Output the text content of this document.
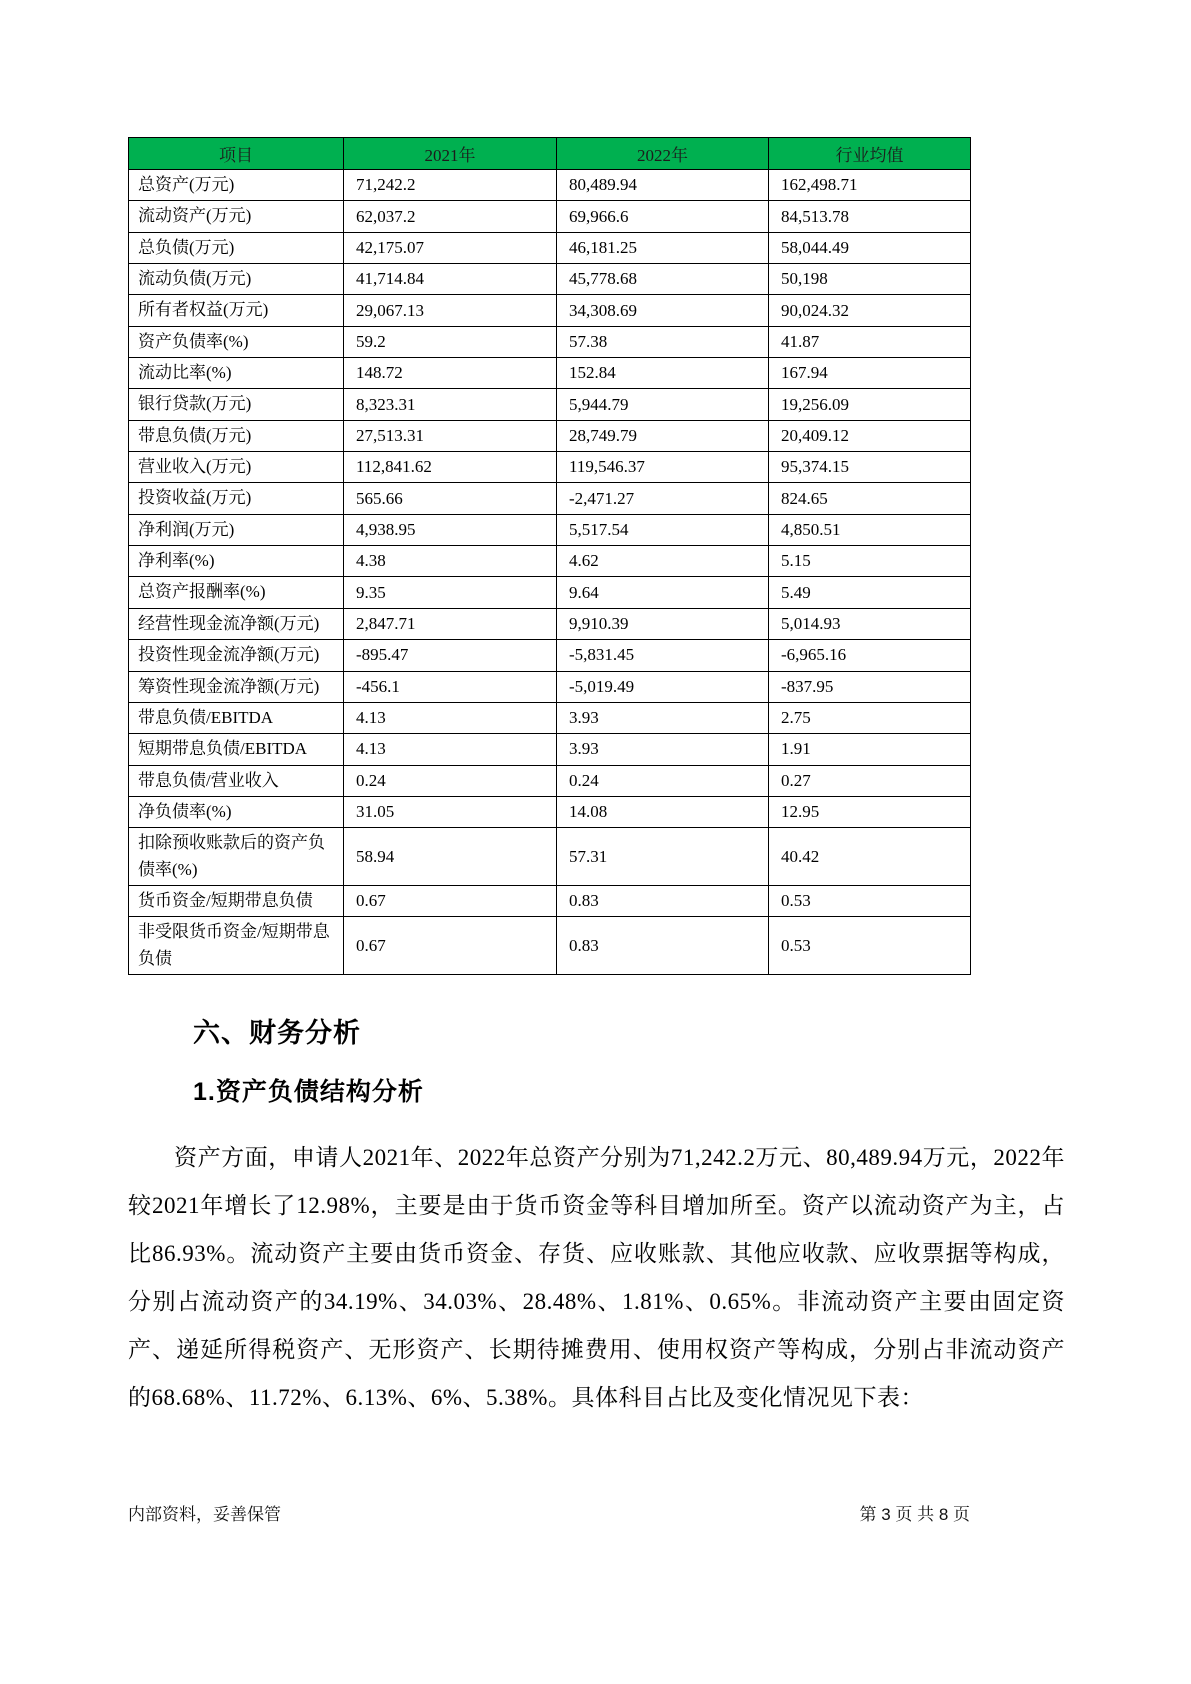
项目	2021年	2022年	行业均值
总资产(万元)	71,242.2	80,489.94	162,498.71
流动资产(万元)	62,037.2	69,966.6	84,513.78
总负债(万元)	42,175.07	46,181.25	58,044.49
流动负债(万元)	41,714.84	45,778.68	50,198
所有者权益(万元)	29,067.13	34,308.69	90,024.32
资产负债率(%)	59.2	57.38	41.87
流动比率(%)	148.72	152.84	167.94
银行贷款(万元)	8,323.31	5,944.79	19,256.09
带息负债(万元)	27,513.31	28,749.79	20,409.12
营业收入(万元)	112,841.62	119,546.37	95,374.15
投资收益(万元)	565.66	-2,471.27	824.65
净利润(万元)	4,938.95	5,517.54	4,850.51
净利率(%)	4.38	4.62	5.15
总资产报酬率(%)	9.35	9.64	5.49
经营性现金流净额(万元)	2,847.71	9,910.39	5,014.93
投资性现金流净额(万元)	-895.47	-5,831.45	-6,965.16
筹资性现金流净额(万元)	-456.1	-5,019.49	-837.95
带息负债/EBITDA	4.13	3.93	2.75
短期带息负债/EBITDA	4.13	3.93	1.91
带息负债/营业收入	0.24	0.24	0.27
净负债率(%)	31.05	14.08	12.95
扣除预收账款后的资产负债率(%)	58.94	57.31	40.42
货币资金/短期带息负债	0.67	0.83	0.53
非受限货币资金/短期带息负债	0.67	0.83	0.53
六、财务分析
1.资产负债结构分析

资产方面，申请人2021年、2022年总资产分别为71,242.2万元、80,489.94万元，2022年较2021年增长了12.98%，主要是由于货币资金等科目增加所至。资产以流动资产为主，占比86.93%。流动资产主要由货币资金、存货、应收账款、其他应收款、应收票据等构成，分别占流动资产的34.19%、34.03%、28.48%、1.81%、0.65%。非流动资产主要由固定资产、递延所得税资产、无形资产、长期待摊费用、使用权资产等构成，分别占非流动资产的68.68%、11.72%、6.13%、6%、5.38%。具体科目占比及变化情况见下表：

内部资料，妥善保管	第 3 页 共 8 页
